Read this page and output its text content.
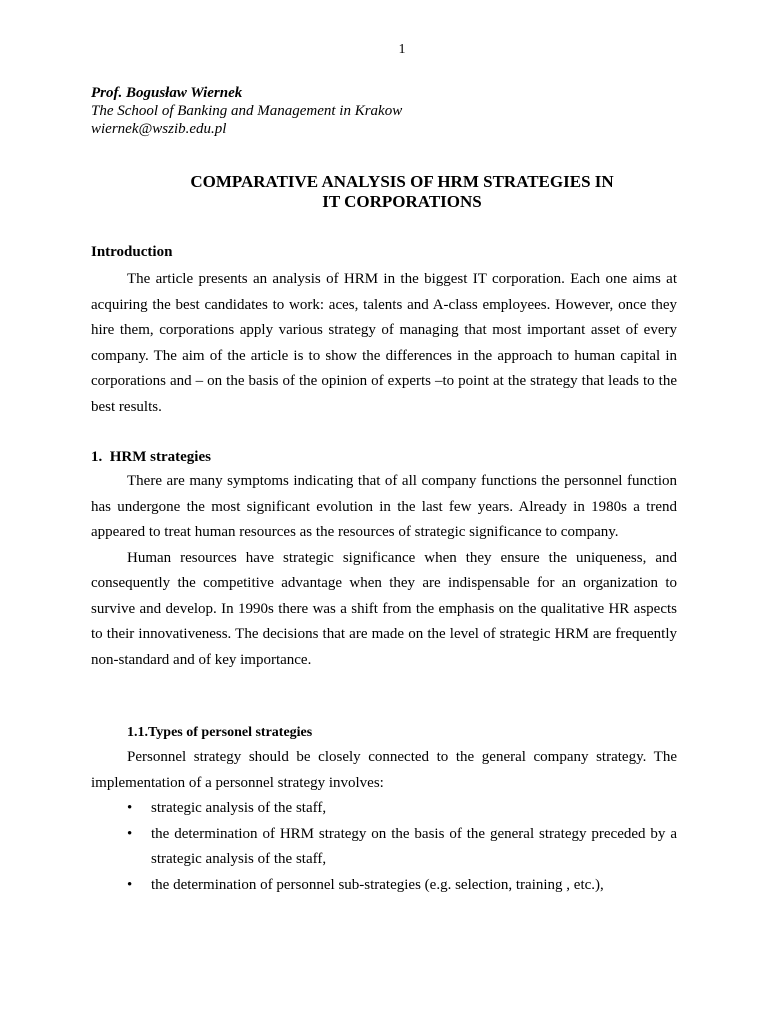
1
Prof. Bogusław Wiernek
The School of Banking and Management in Krakow
wiernek@wszib.edu.pl
COMPARATIVE ANALYSIS OF HRM STRATEGIES IN
IT CORPORATIONS
Introduction

The article presents an analysis of HRM in the biggest IT corporation. Each one aims at acquiring the best candidates to work: aces, talents and A-class employees. However, once they hire them, corporations apply various strategy of managing that most important asset of every company. The aim of the article is to show the differences in the approach to human capital in corporations and – on the basis of the opinion of experts –to point at the strategy that leads to the best results.

1.  HRM strategies

There are many symptoms indicating that of all company functions the personnel function has undergone the most significant evolution in the last few years. Already in 1980s a trend appeared to treat human resources as the resources of strategic significance to company.

Human resources have strategic significance when they ensure the uniqueness, and consequently the competitive advantage when they are indispensable for an organization to survive and develop. In 1990s there was a shift from the emphasis on the qualitative HR aspects to their innovativeness. The decisions that are made on the level of strategic HRM are frequently non-standard and of key importance.

1.1.Types of personel strategies

Personnel strategy should be closely connected to the general company strategy. The implementation of a personnel strategy involves:

• strategic analysis of the staff,
• the determination of HRM strategy on the basis of the general strategy preceded by a strategic analysis of the staff,
• the determination of personnel sub-strategies (e.g. selection, training , etc.),
